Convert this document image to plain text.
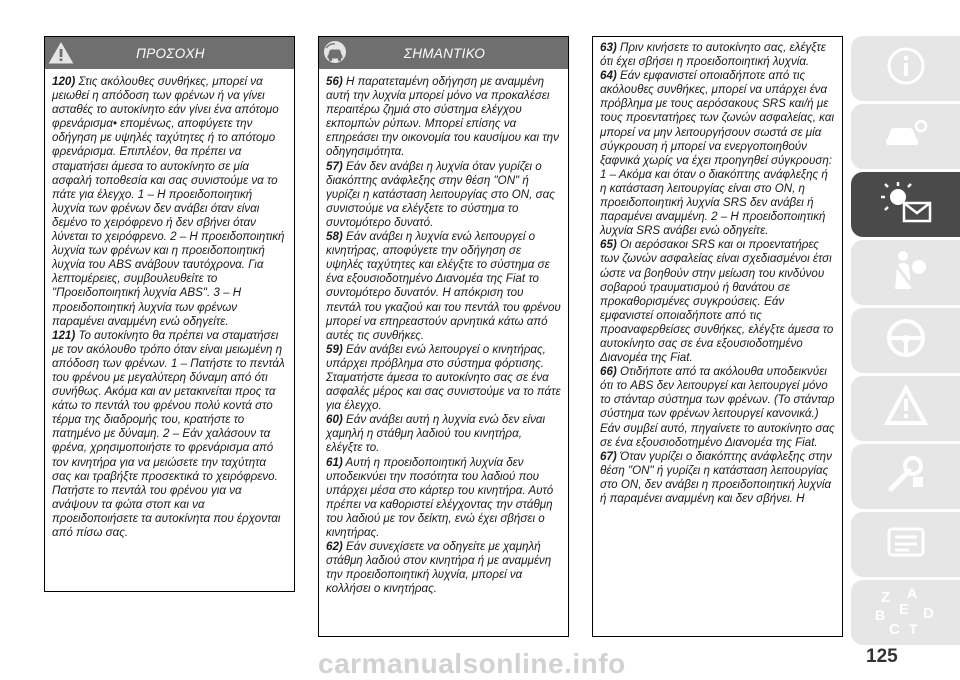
ΠΡΟΣΟΧΗ

120) Στις ακόλουθες συνθήκες, μπορεί να μειωθεί η απόδοση των φρένων ή να γίνει ασταθές το αυτοκίνητο εάν γίνει ένα απότομο φρενάρισμα• επομένως, αποφύγετε την οδήγηση με υψηλές ταχύτητες ή το απότομο φρενάρισμα. Επιπλέον, θα πρέπει να σταματήσει άμεσα το αυτοκίνητο σε μία ασφαλή τοποθεσία και σας συνιστούμε να το πάτε για έλεγχο. 1 – Η προειδοποιητική λυχνία των φρένων δεν ανάβει όταν είναι δεμένο το χειρόφρενο ή δεν σβήνει όταν λύνεται το χειρόφρενο. 2 – Η προειδοποιητική λυχνία των φρένων και η προειδοποιητική λυχνία του ABS ανάβουν ταυτόχρονα. Για λεπτομέρειες, συμβουλευθείτε το "Προειδοποιητική λυχνία ABS". 3 – Η προειδοποιητική λυχνία των φρένων παραμένει αναμμένη ενώ οδηγείτε.

121) Το αυτοκίνητο θα πρέπει να σταματήσει με τον ακόλουθο τρόπο όταν είναι μειωμένη η απόδοση των φρένων. 1 – Πατήστε το πεντάλ του φρένου με μεγαλύτερη δύναμη από ότι συνήθως. Ακόμα και αν μετακινείται προς τα κάτω το πεντάλ του φρένου πολύ κοντά στο τέρμα της διαδρομής του, κρατήστε το πατημένο με δύναμη. 2 – Εάν χαλάσουν τα φρένα, χρησιμοποιήστε το φρενάρισμα από τον κινητήρα για να μειώσετε την ταχύτητα σας και τραβήξτε προσεκτικά το χειρόφρενο. Πατήστε το πεντάλ του φρένου για να ανάψουν τα φώτα στοπ και να προειδοποιήσετε τα αυτοκίνητα που έρχονται από πίσω σας.

ΣΗΜΑΝΤΙΚΟ

56) Η παρατεταμένη οδήγηση με αναμμένη αυτή την λυχνία μπορεί μόνο να προκαλέσει περαιτέρω ζημιά στο σύστημα ελέγχου εκπομπών ρύπων. Μπορεί επίσης να επηρεάσει την οικονομία του καυσίμου και την οδηγησιμότητα.

57) Εάν δεν ανάβει η λυχνία όταν γυρίζει ο διακόπτης ανάφλεξης στην θέση "ON" ή γυρίζει η κατάσταση λειτουργίας στο ON, σας συνιστούμε να ελέγξετε το σύστημα το συντομότερο δυνατό.

58) Εάν ανάβει η λυχνία ενώ λειτουργεί ο κινητήρας, αποφύγετε την οδήγηση σε υψηλές ταχύτητες και ελέγξτε το σύστημα σε ένα εξουσιοδοτημένο Διανομέα της Fiat το συντομότερο δυνατόν. Η απόκριση του πεντάλ του γκαζιού και του πεντάλ του φρένου μπορεί να επηρεαστούν αρνητικά κάτω από αυτές τις συνθήκες.

59) Εάν ανάβει ενώ λειτουργεί ο κινητήρας, υπάρχει πρόβλημα στο σύστημα φόρτισης. Σταματήστε άμεσα το αυτοκίνητο σας σε ένα ασφαλές μέρος και σας συνιστούμε να το πάτε για έλεγχο.

60) Εάν ανάβει αυτή η λυχνία ενώ δεν είναι χαμηλή η στάθμη λαδιού του κινητήρα, ελέγξτε το.

61) Αυτή η προειδοποιητική λυχνία δεν υποδεικνύει την ποσότητα του λαδιού που υπάρχει μέσα στο κάρτερ του κινητήρα. Αυτό πρέπει να καθοριστεί ελέγχοντας την στάθμη του λαδιού με τον δείκτη, ενώ έχει σβήσει ο κινητήρας.

62) Εάν συνεχίσετε να οδηγείτε με χαμηλή στάθμη λαδιού στον κινητήρα ή με αναμμένη την προειδοποιητική λυχνία, μπορεί να κολλήσει ο κινητήρας.

63) Πριν κινήσετε το αυτοκίνητο σας, ελέγξτε ότι έχει σβήσει η προειδοποιητική λυχνία.

64) Εάν εμφανιστεί οποιαδήποτε από τις ακόλουθες συνθήκες, μπορεί να υπάρχει ένα πρόβλημα με τους αερόσακους SRS και/ή με τους προεντατήρες των ζωνών ασφαλείας, και μπορεί να μην λειτουργήσουν σωστά σε μία σύγκρουση ή μπορεί να ενεργοποιηθούν ξαφνικά χωρίς να έχει προηγηθεί σύγκρουση: 1 – Ακόμα και όταν ο διακόπτης ανάφλεξης ή η κατάσταση λειτουργίας είναι στο ON, η προειδοποιητική λυχνία SRS δεν ανάβει ή παραμένει αναμμένη. 2 – Η προειδοποιητική λυχνία SRS ανάβει ενώ οδηγείτε.

65) Οι αερόσακοι SRS και οι προεντατήρες των ζωνών ασφαλείας είναι σχεδιασμένοι έτσι ώστε να βοηθούν στην μείωση του κινδύνου σοβαρού τραυματισμού ή θανάτου σε προκαθορισμένες συγκρούσεις. Εάν εμφανιστεί οποιαδήποτε από τις προαναφερθείσες συνθήκες, ελέγξτε άμεσα το αυτοκίνητο σας σε ένα εξουσιοδοτημένο Διανομέα της Fiat.

66) Οτιδήποτε από τα ακόλουθα υποδεικνύει ότι το ABS δεν λειτουργεί και λειτουργεί μόνο το στάνταρ σύστημα των φρένων. (Το στάνταρ σύστημα των φρένων λειτουργεί κανονικά.) Εάν συμβεί αυτό, πηγαίνετε το αυτοκίνητο σας σε ένα εξουσιοδοτημένο Διανομέα της Fiat.

67) Όταν γυρίζει ο διακόπτης ανάφλεξης στην θέση "ON" ή γυρίζει η κατάσταση λειτουργίας στο ON, δεν ανάβει η προειδοποιητική λυχνία ή παραμένει αναμμένη και δεν σβήνει. Η

Z A
E
B	D
C T
carmanualsonline.info	125
